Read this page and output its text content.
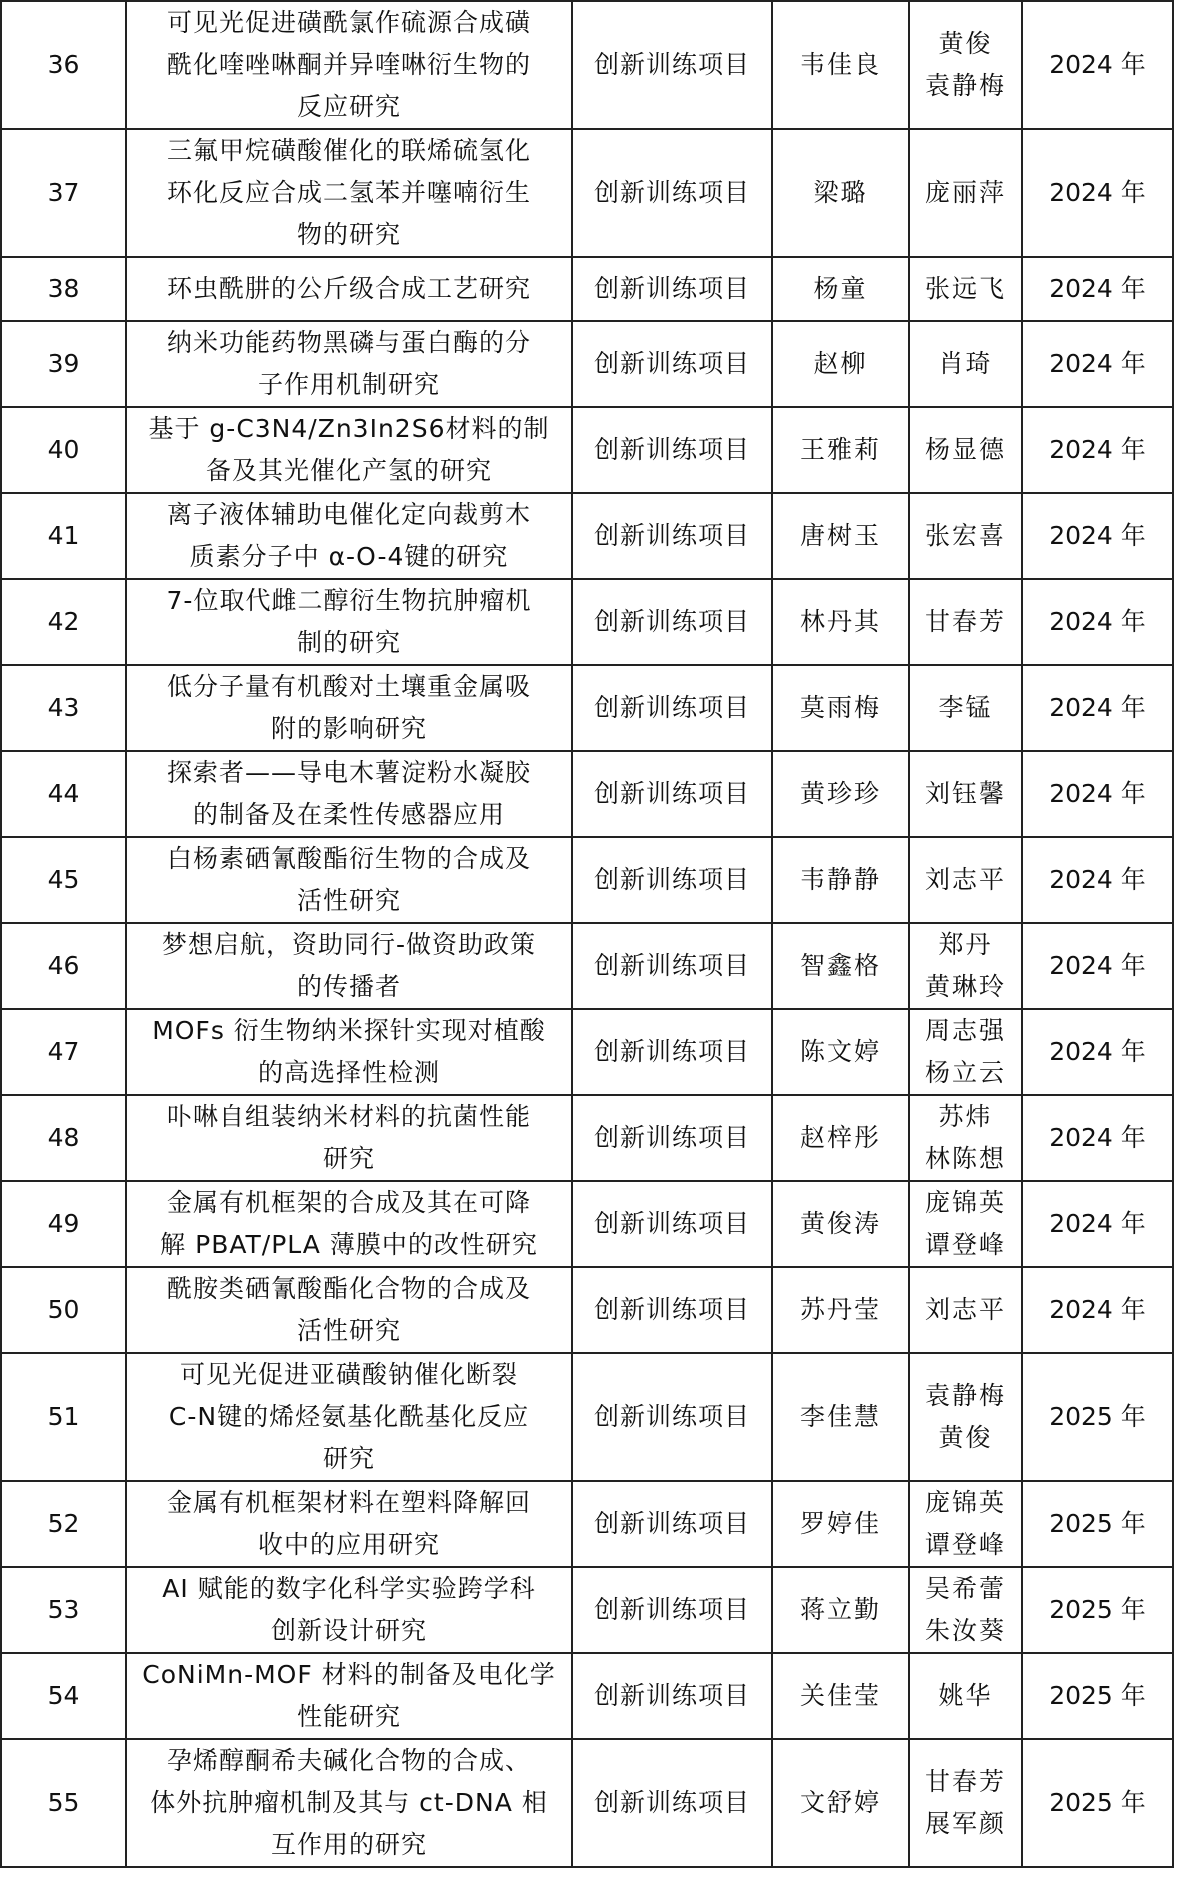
36	可见光促进磺酰氯作硫源合成磺
酰化喹唑啉酮并异喹啉衍生物的
反应研究	创新训练项目	韦佳良	黄俊
袁静梅	2024 年
37	三氟甲烷磺酸催化的联烯硫氢化
环化反应合成二氢苯并噻喃衍生
物的研究	创新训练项目	梁璐	庞丽萍	2024 年
38	环虫酰肼的公斤级合成工艺研究	创新训练项目	杨童	张远飞	2024 年
39	纳米功能药物黑磷与蛋白酶的分
子作用机制研究	创新训练项目	赵柳	肖琦	2024 年
40	基于 g-C3N4/Zn3In2S6材料的制
备及其光催化产氢的研究	创新训练项目	王雅莉	杨显德	2024 年
41	离子液体辅助电催化定向裁剪木
质素分子中 α-O-4键的研究	创新训练项目	唐树玉	张宏喜	2024 年
42	7-位取代雌二醇衍生物抗肿瘤机
制的研究	创新训练项目	林丹其	甘春芳	2024 年
43	低分子量有机酸对土壤重金属吸
附的影响研究	创新训练项目	莫雨梅	李锰	2024 年
44	探索者——导电木薯淀粉水凝胶
的制备及在柔性传感器应用	创新训练项目	黄珍珍	刘钰馨	2024 年
45	白杨素硒氰酸酯衍生物的合成及
活性研究	创新训练项目	韦静静	刘志平	2024 年
46	梦想启航，资助同行-做资助政策
的传播者	创新训练项目	智鑫格	郑丹
黄琳玲	2024 年
47	MOFs 衍生物纳米探针实现对植酸
的高选择性检测	创新训练项目	陈文婷	周志强
杨立云	2024 年
48	卟啉自组装纳米材料的抗菌性能
研究	创新训练项目	赵梓彤	苏炜
林陈想	2024 年
49	金属有机框架的合成及其在可降
解 PBAT/PLA 薄膜中的改性研究	创新训练项目	黄俊涛	庞锦英
谭登峰	2024 年
50	酰胺类硒氰酸酯化合物的合成及
活性研究	创新训练项目	苏丹莹	刘志平	2024 年
51	可见光促进亚磺酸钠催化断裂
C-N键的烯烃氨基化酰基化反应
研究	创新训练项目	李佳慧	袁静梅
黄俊	2025 年
52	金属有机框架材料在塑料降解回
收中的应用研究	创新训练项目	罗婷佳	庞锦英
谭登峰	2025 年
53	AI 赋能的数字化科学实验跨学科
创新设计研究	创新训练项目	蒋立勤	吴希蕾
朱汝葵	2025 年
54	CoNiMn-MOF 材料的制备及电化学
性能研究	创新训练项目	关佳莹	姚华	2025 年
55	孕烯醇酮希夫碱化合物的合成、
体外抗肿瘤机制及其与 ct-DNA 相
互作用的研究	创新训练项目	文舒婷	甘春芳
展军颜	2025 年
